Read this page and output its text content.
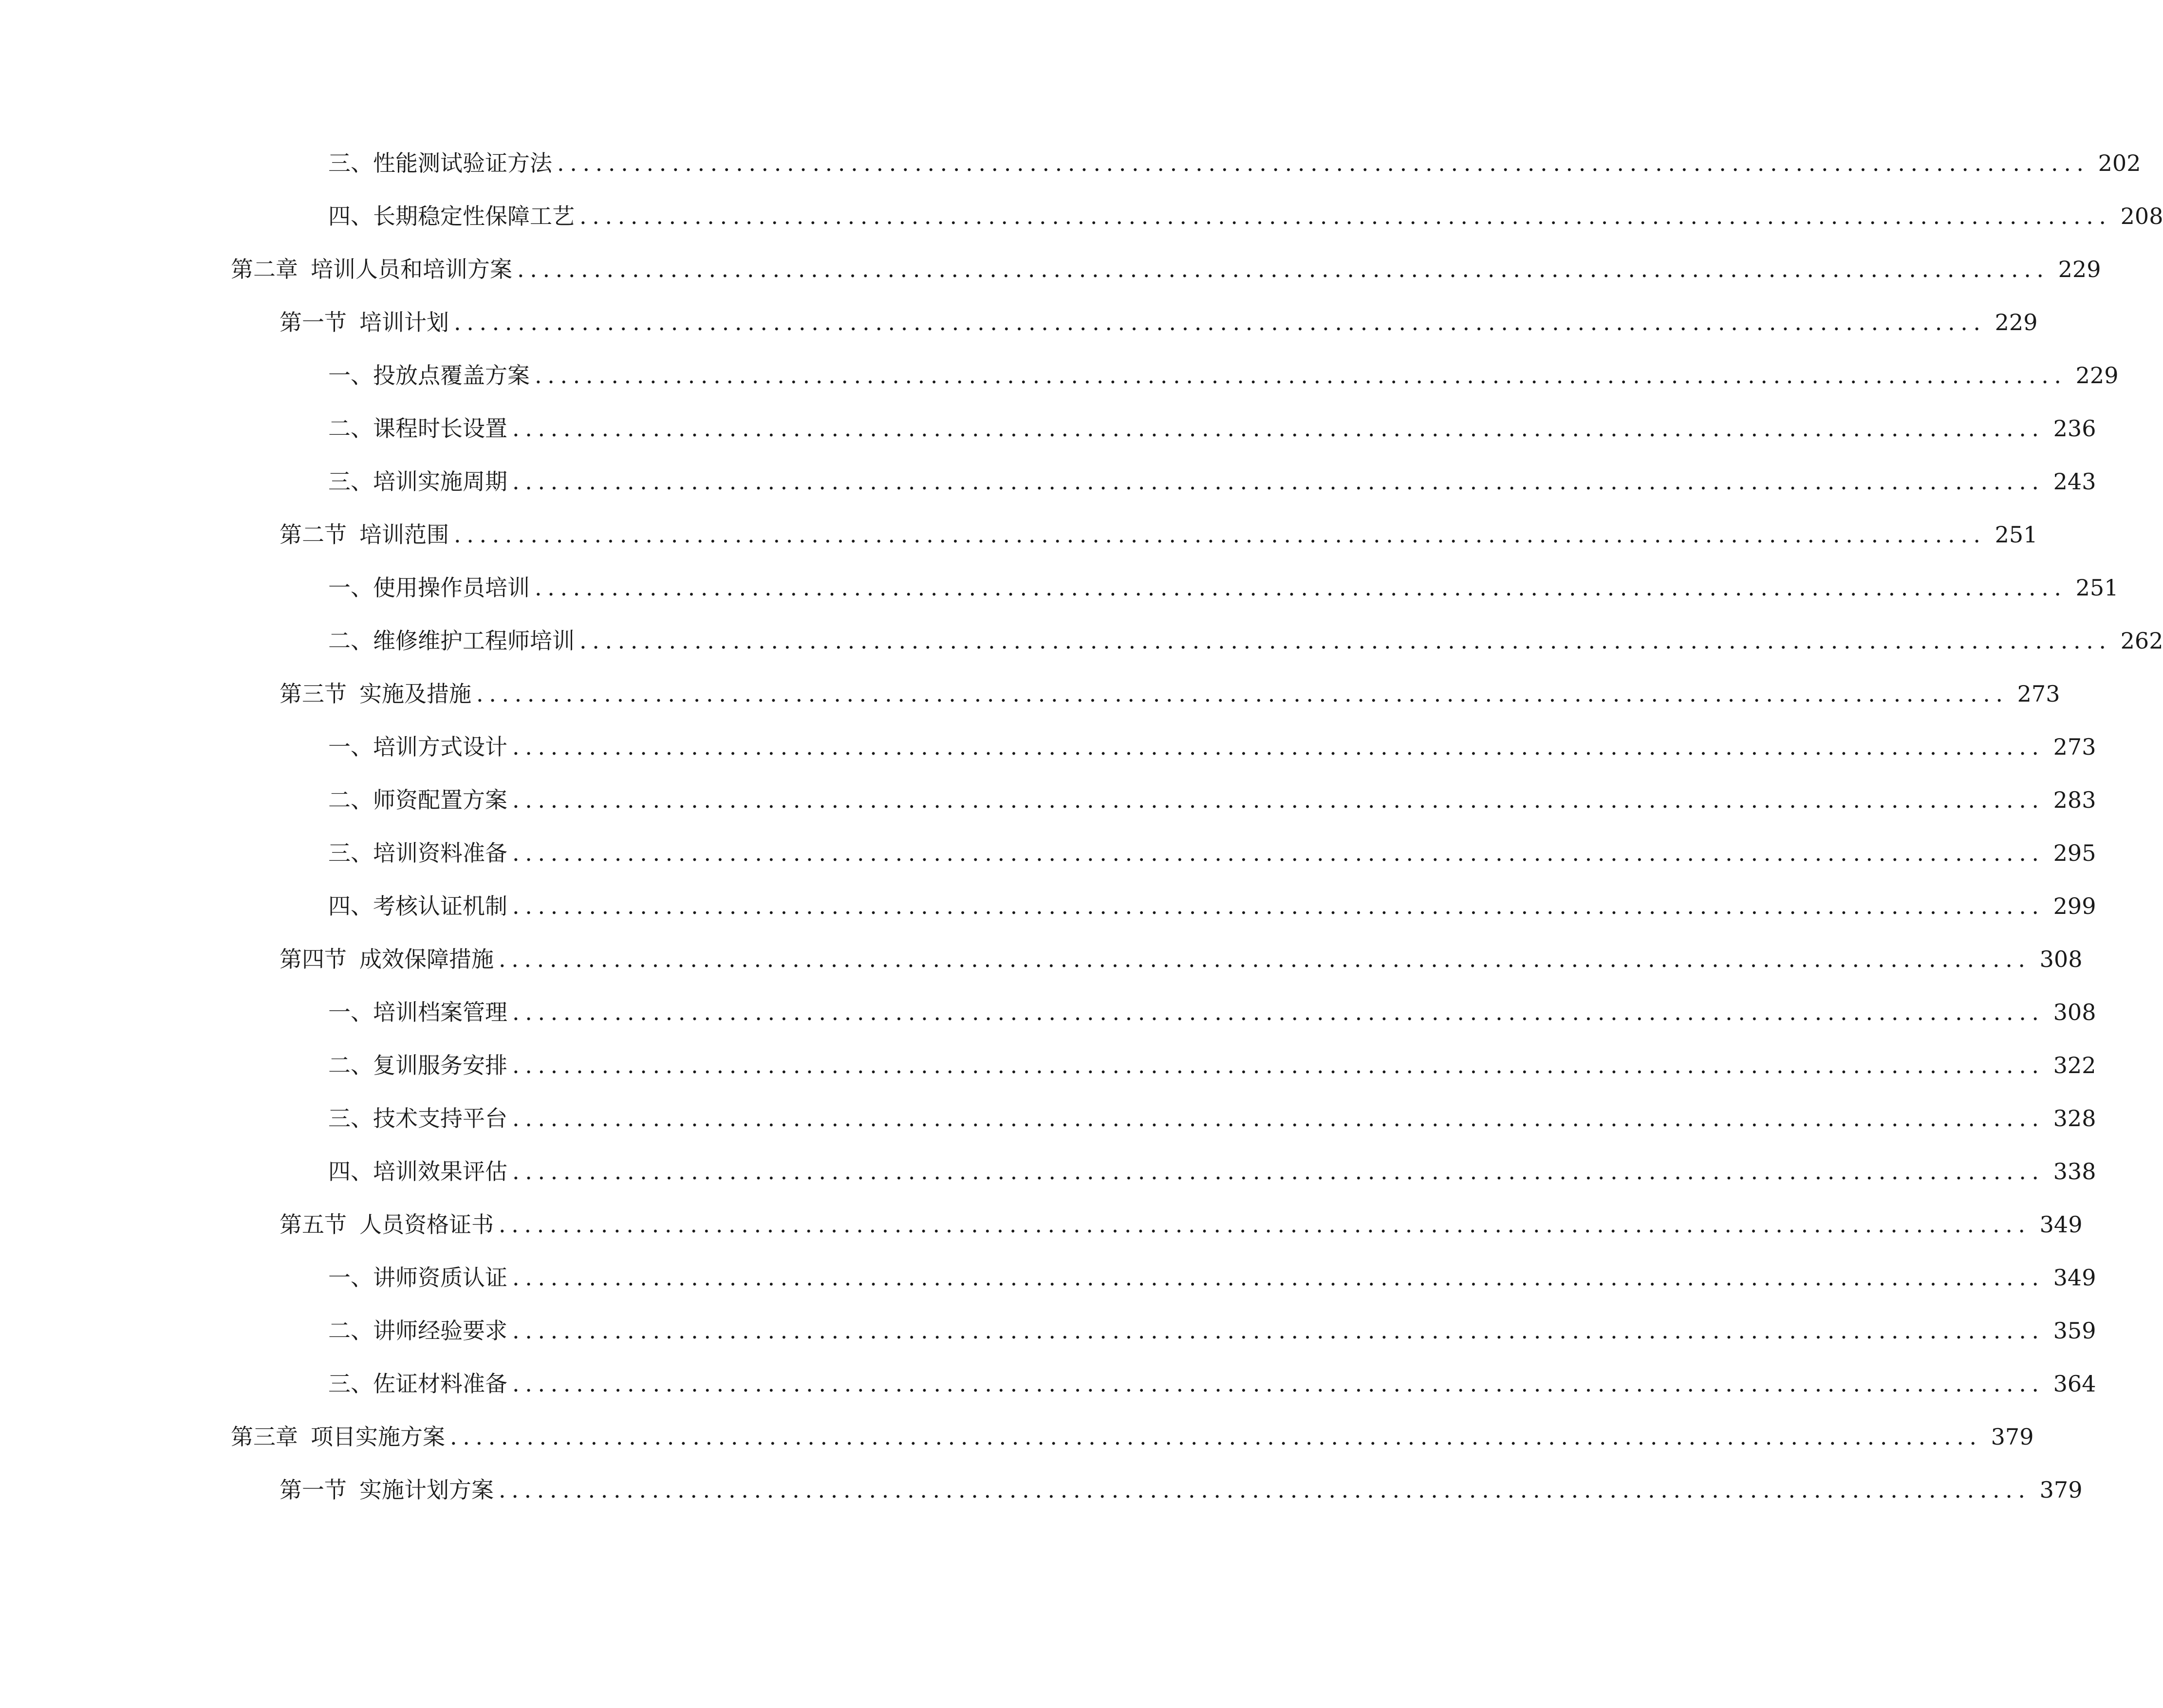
三、 性能测试验证方法 ........................................................................................................................ 202
四、 长期稳定性保障工艺 ........................................................................................................................ 208
第二章 培训人员和培训方案 ........................................................................................................................ 229
第一节 培训计划 ........................................................................................................................ 229
一、 投放点覆盖方案 ........................................................................................................................ 229
二、 课程时长设置 ........................................................................................................................ 236
三、 培训实施周期 ........................................................................................................................ 243
第二节 培训范围 ........................................................................................................................ 251
一、 使用操作员培训 ........................................................................................................................ 251
二、 维修维护工程师培训 ........................................................................................................................ 262
第三节 实施及措施 ........................................................................................................................ 273
一、 培训方式设计 ........................................................................................................................ 273
二、 师资配置方案 ........................................................................................................................ 283
三、 培训资料准备 ........................................................................................................................ 295
四、 考核认证机制 ........................................................................................................................ 299
第四节 成效保障措施 ........................................................................................................................ 308
一、 培训档案管理 ........................................................................................................................ 308
二、 复训服务安排 ........................................................................................................................ 322
三、 技术支持平台 ........................................................................................................................ 328
四、 培训效果评估 ........................................................................................................................ 338
第五节 人员资格证书 ........................................................................................................................ 349
一、 讲师资质认证 ........................................................................................................................ 349
二、 讲师经验要求 ........................................................................................................................ 359
三、 佐证材料准备 ........................................................................................................................ 364
第三章 项目实施方案 ........................................................................................................................ 379
第一节 实施计划方案 ........................................................................................................................ 379
